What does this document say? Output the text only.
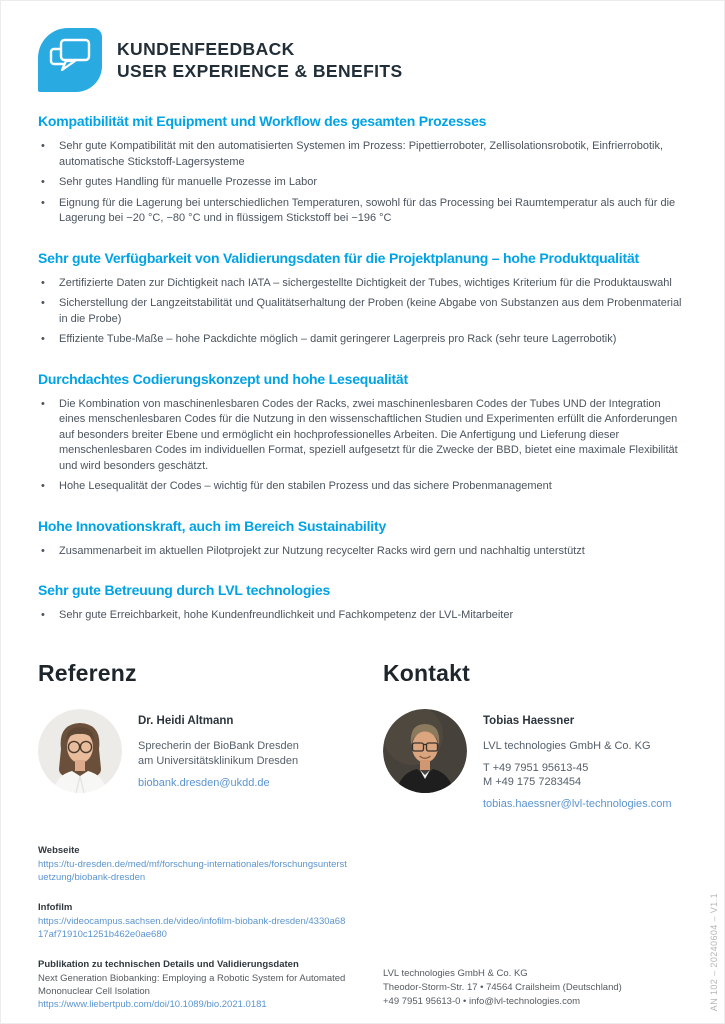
KUNDENFEEDBACK
USER EXPERIENCE & BENEFITS
Kompatibilität mit Equipment und Workflow des gesamten Prozesses
• Sehr gute Kompatibilität mit den automatisierten Systemen im Prozess: Pipettierroboter, Zellisolationsrobotik, Einfrierrobotik, automatische Stickstoff-Lagersysteme
• Sehr gutes Handling für manuelle Prozesse im Labor
• Eignung für die Lagerung bei unterschiedlichen Temperaturen, sowohl für das Processing bei Raumtemperatur als auch für die Lagerung bei −20 °C, −80 °C und in flüssigem Stickstoff bei −196 °C
Sehr gute Verfügbarkeit von Validierungsdaten für die Projektplanung – hohe Produktqualität
• Zertifizierte Daten zur Dichtigkeit nach IATA – sichergestellte Dichtigkeit der Tubes, wichtiges Kriterium für die Produktauswahl
• Sicherstellung der Langzeitstabilität und Qualitätserhaltung der Proben (keine Abgabe von Substanzen aus dem Probenmaterial in die Probe)
• Effiziente Tube-Maße – hohe Packdichte möglich – damit geringerer Lagerpreis pro Rack (sehr teure Lagerrobotik)
Durchdachtes Codierungskonzept und hohe Lesequalität
• Die Kombination von maschinenlesbaren Codes der Racks, zwei maschinenlesbaren Codes der Tubes UND der Integration eines menschenlesbaren Codes für die Nutzung in den wissenschaftlichen Studien und Experimenten erfüllt die Anforderungen auf besonders breiter Ebene und ermöglicht ein hochprofessionelles Arbeiten. Die Anfertigung und Lieferung dieser menschenlesbaren Codes im individuellen Format, speziell aufgesetzt für die Zwecke der BBD, bietet eine maximale Flexibilität und wird besonders geschätzt.
• Hohe Lesequalität der Codes – wichtig für den stabilen Prozess und das sichere Probenmanagement
Hohe Innovationskraft, auch im Bereich Sustainability
• Zusammenarbeit im aktuellen Pilotprojekt zur Nutzung recycelter Racks wird gern und nachhaltig unterstützt
Sehr gute Betreuung durch LVL technologies
• Sehr gute Erreichbarkeit, hohe Kundenfreundlichkeit und Fachkompetenz der LVL-Mitarbeiter
Referenz
Dr. Heidi Altmann
Sprecherin der BioBank Dresden
am Universitätsklinikum Dresden
biobank.dresden@ukdd.de
Kontakt
Tobias Haessner
LVL technologies GmbH & Co. KG
T +49 7951 95613-45
M +49 175 7283454
tobias.haessner@lvl-technologies.com
Webseite
https://tu-dresden.de/med/mf/forschung-internationales/forschungsunterstuetzung/biobank-dresden
Infofilm
https://videocampus.sachsen.de/video/infofilm-biobank-dresden/4330a6817af71910c1251b462e0ae680
Publikation zu technischen Details und Validierungsdaten
Next Generation Biobanking: Employing a Robotic System for Automated Mononuclear Cell Isolation
https://www.liebertpub.com/doi/10.1089/bio.2021.0181
LVL technologies GmbH & Co. KG
Theodor-Storm-Str. 17 • 74564 Crailsheim (Deutschland)
+49 7951 95613-0 • info@lvl-technologies.com	AN 102 – 20240604 – V1.1
